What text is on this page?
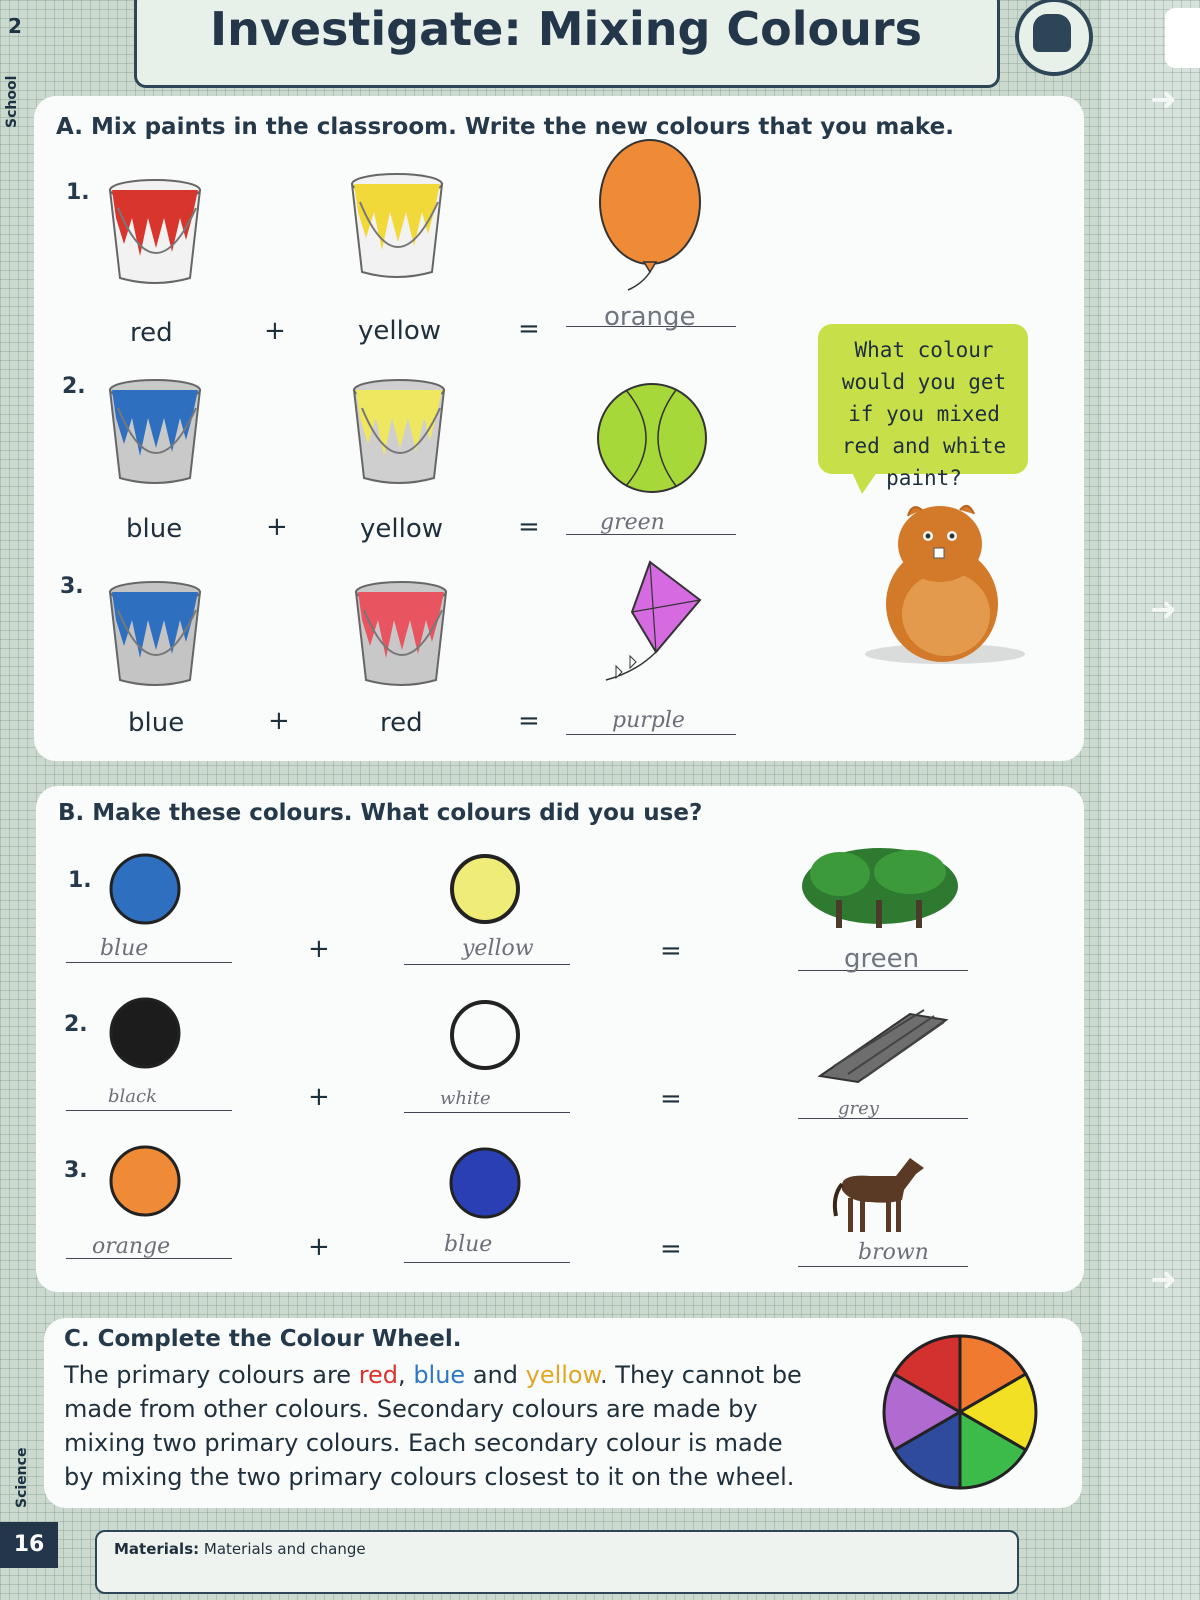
➜
➜
➜
2
School
Investigate: Mixing Colours
A. Mix paints in the classroom. Write the new colours that you make.
1.
red	+	yellow	= orange
What colour would you get if you mixed red and white paint?
2.
blue	+	yellow	=	green
3.
blue	+	red	=	purple
B. Make these colours. What colours did you use?
1.
blue	+	yellow	=	green
2.
black	+	white	=	grey
3.
orange	+	blue	=	brown
C. Complete the Colour Wheel.
The primary colours are red, blue and yellow. They cannot be
made from other colours. Secondary colours are made by
mixing two primary colours. Each secondary colour is made
by mixing the two primary colours closest to it on the wheel.
Science
16	Materials: Materials and change
